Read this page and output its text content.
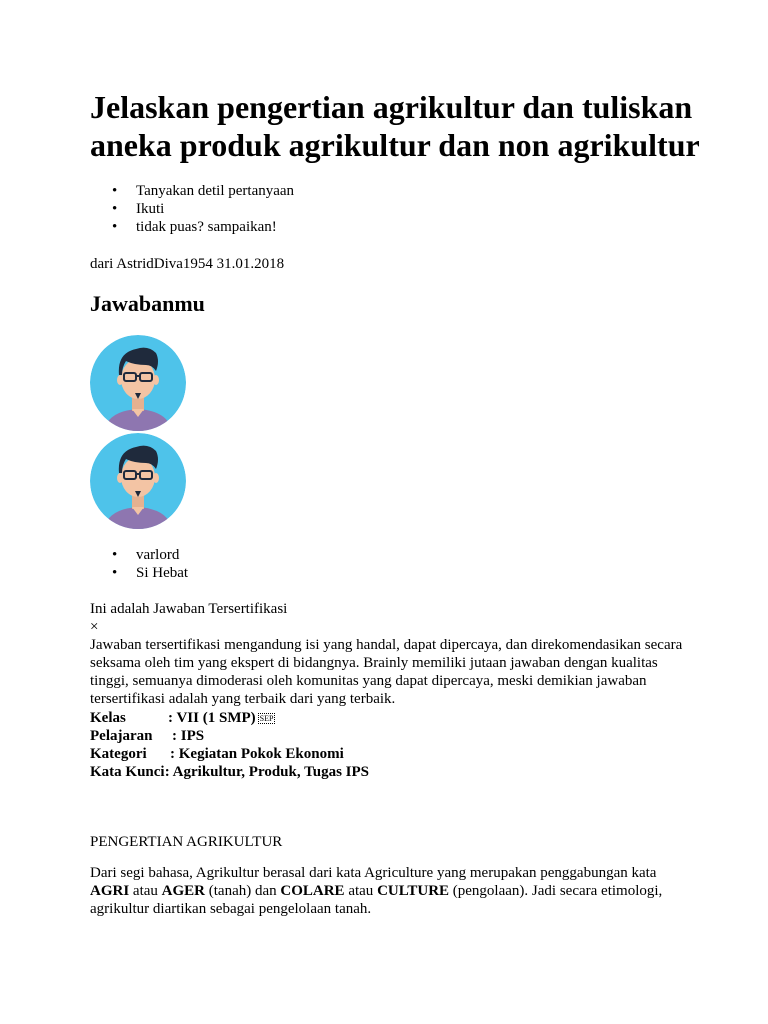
Jelaskan pengertian agrikultur dan tuliskan aneka produk agrikultur dan non agrikultur
• Tanyakan detil pertanyaan
• Ikuti
• tidak puas? sampaikan!
dari AstridDiva1954 31.01.2018
Jawabanmu
• varlord
• Si Hebat
Ini adalah Jawaban Tersertifikasi
×
Jawaban tersertifikasi mengandung isi yang handal, dapat dipercaya, dan direkomendasikan secara seksama oleh tim yang ekspert di bidangnya. Brainly memiliki jutaan jawaban dengan kualitas tinggi, semuanya dimoderasi oleh komunitas yang dapat dipercaya, meski demikian jawaban tersertifikasi adalah yang terbaik dari yang terbaik.
Kelas	: VII (1 SMP) SEP
Pelajaran : IPS
Kategori : Kegiatan Pokok Ekonomi
Kata Kunci
: Agrikultur, Produk, Tugas IPS
PENGERTIAN AGRIKULTUR
Dari segi bahasa, Agrikultur berasal dari kata Agriculture yang merupakan penggabungan kata AGRI atau AGER (tanah) dan COLARE atau CULTURE (pengolaan). Jadi secara etimologi, agrikultur diartikan sebagai pengelolaan tanah.
